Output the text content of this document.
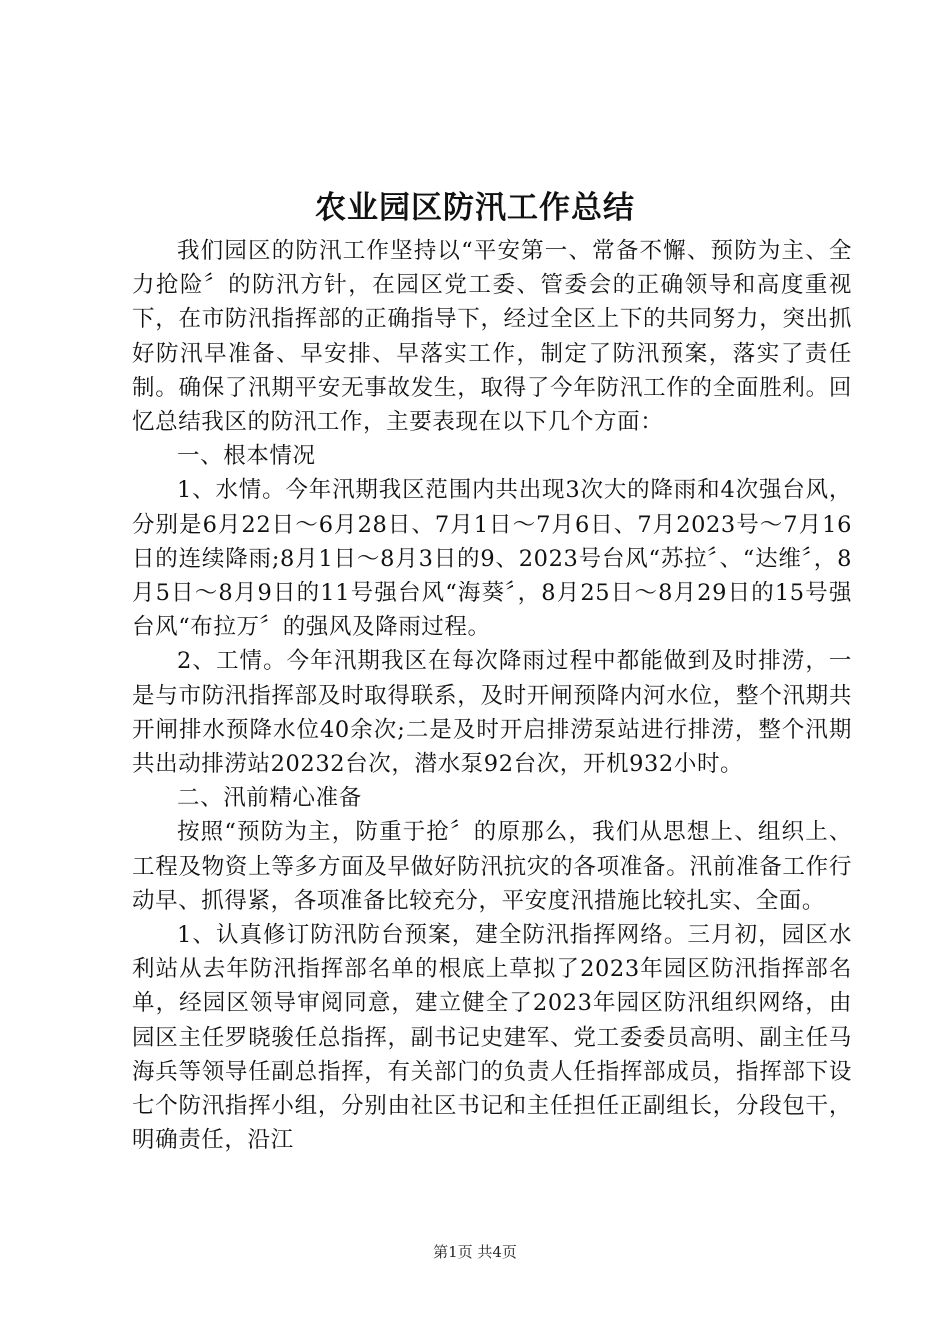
农业园区防汛工作总结

我们园区的防汛工作坚持以“平安第一、常备不懈、预防为主、全力抢险〞的防汛方针，在园区党工委、管委会的正确领导和高度重视下，在市防汛指挥部的正确指导下，经过全区上下的共同努力，突出抓好防汛早准备、早安排、早落实工作，制定了防汛预案，落实了责任制。确保了汛期平安无事故发生，取得了今年防汛工作的全面胜利。回忆总结我区的防汛工作，主要表现在以下几个方面：

一、根本情况

1、水情。今年汛期我区范围内共出现3次大的降雨和4次强台风，分别是6月22日～6月28日、7月1日～7月6日、7月2023号～7月16日的连续降雨;8月1日～8月3日的9、2023号台风“苏拉〞、“达维〞，8月5日～8月9日的11号强台风“海葵〞，8月25日～8月29日的15号强台风“布拉万〞的强风及降雨过程。

2、工情。今年汛期我区在每次降雨过程中都能做到及时排涝，一是与市防汛指挥部及时取得联系，及时开闸预降内河水位，整个汛期共开闸排水预降水位40余次;二是及时开启排涝泵站进行排涝，整个汛期共出动排涝站20232台次，潜水泵92台次，开机932小时。

二、汛前精心准备

按照“预防为主，防重于抢〞的原那么，我们从思想上、组织上、工程及物资上等多方面及早做好防汛抗灾的各项准备。汛前准备工作行动早、抓得紧，各项准备比较充分，平安度汛措施比较扎实、全面。

1、认真修订防汛防台预案，建全防汛指挥网络。三月初，园区水利站从去年防汛指挥部名单的根底上草拟了2023年园区防汛指挥部名单，经园区领导审阅同意，建立健全了2023年园区防汛组织网络，由园区主任罗晓骏任总指挥，副书记史建军、党工委委员高明、副主任马海兵等领导任副总指挥，有关部门的负责人任指挥部成员，指挥部下设七个防汛指挥小组，分别由社区书记和主任担任正副组长，分段包干，明确责任，沿江

第1页 共4页
